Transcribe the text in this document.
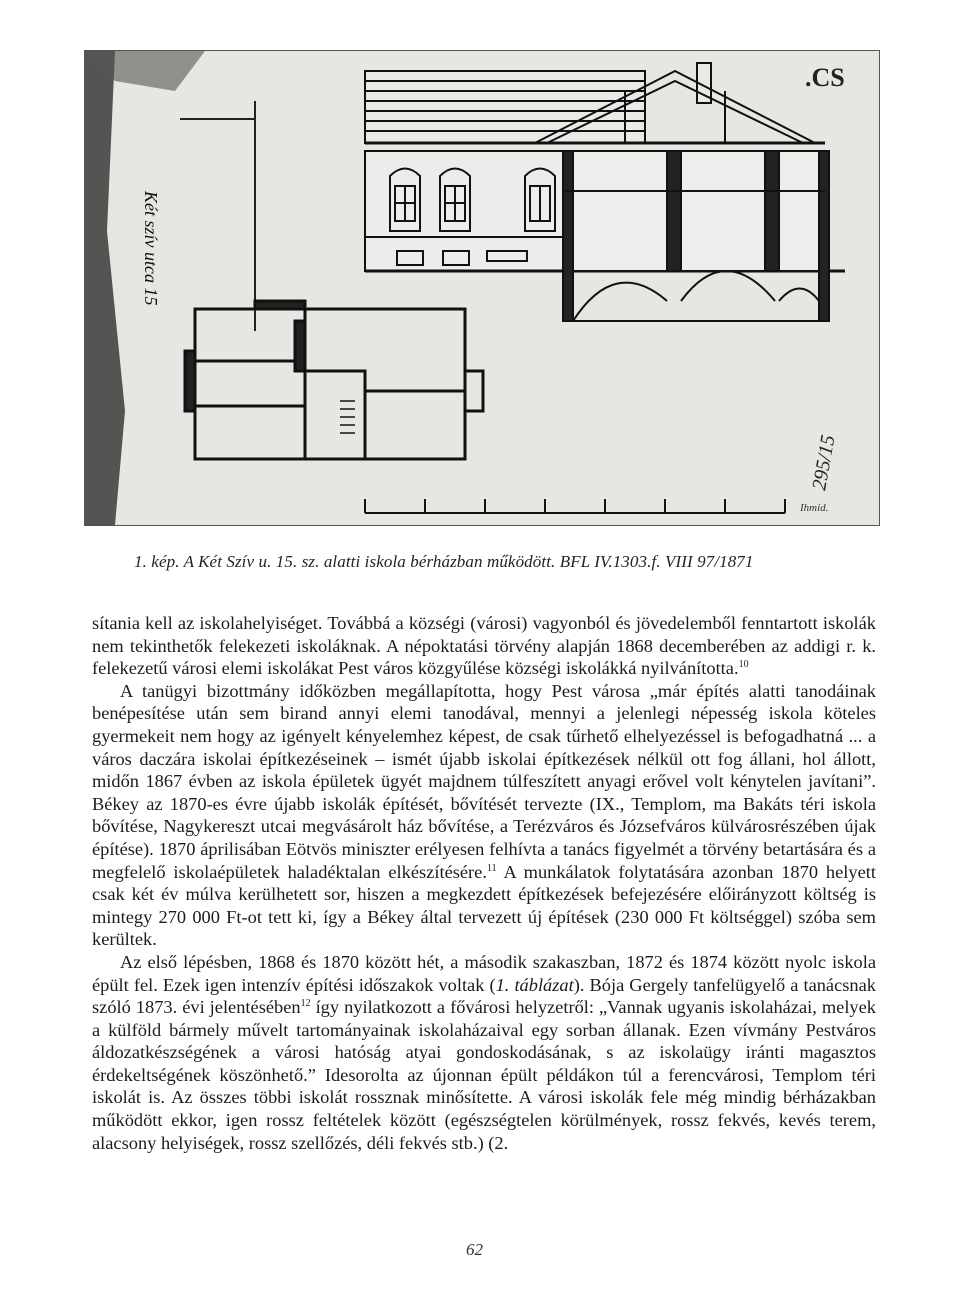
.CS
Két szív utca 15
Ihmid.
295/15
1. kép. A Két Szív u. 15. sz. alatti iskola bérházban működött. BFL IV.1303.f. VIII 97/1871

sítania kell az iskolahelyiséget. Továbbá a községi (városi) vagyonból és jövedelemből fenntartott iskolák nem tekinthetők felekezeti iskoláknak. A népoktatási törvény alapján 1868 decemberében az addigi r. k. felekezetű városi elemi iskolákat Pest város közgyűlése községi iskolákká nyilvánította.$^{10}$

A tanügyi bizottmány időközben megállapította, hogy Pest városa „már építés alatti tanodáinak benépesítése után sem birand annyi elemi tanodával, mennyi a jelenlegi népesség iskola köteles gyermekeit nem hogy az igényelt kényelemhez képest, de csak tűrhető elhelyezéssel is befogadhatná ... a város daczára iskolai építkezéseinek – ismét újabb iskolai építkezések nélkül ott fog állani, hol állott, midőn 1867 évben az iskola épületek ügyét majdnem túlfeszített anyagi erővel volt kénytelen javítani”. Békey az 1870-es évre újabb iskolák építését, bővítését tervezte (IX., Templom, ma Bakáts téri iskola bővítése, Nagykereszt utcai megvásárolt ház bővítése, a Terézváros és Józsefváros külvárosrészében újak építése). 1870 áprilisában Eötvös miniszter erélyesen felhívta a tanács figyelmét a törvény betartására és a megfelelő iskolaépületek haladéktalan elkészítésére.$^{11}$ A munkálatok folytatására azonban 1870 helyett csak két év múlva kerülhetett sor, hiszen a megkezdett építkezések befejezésére előirányzott költség is mintegy 270 000 Ft-ot tett ki, így a Békey által tervezett új építések (230 000 Ft költséggel) szóba sem kerültek.

Az első lépésben, 1868 és 1870 között hét, a második szakaszban, 1872 és 1874 között nyolc iskola épült fel. Ezek igen intenzív építési időszakok voltak (1. táblázat). Bója Gergely tanfelügyelő a tanácsnak szóló 1873. évi jelentésében$^{12}$ így nyilatkozott a fővárosi helyzetről: „Vannak ugyanis iskolaházai, melyek a külföld bármely művelt tartományainak iskolaházaival egy sorban állanak. Ezen vívmány Pestváros áldozatkészségének a városi hatóság atyai gondoskodásának, s az iskolaügy iránti magasztos érdekeltségének köszönhető.” Idesorolta az újonnan épült példákon túl a ferencvárosi, Templom téri iskolát is. Az összes többi iskolát rossznak minősítette. A városi iskolák fele még mindig bérházakban működött ekkor, igen rossz feltételek között (egészségtelen körülmények, rossz fekvés, kevés terem, alacsony helyiségek, rossz szellőzés, déli fekvés stb.) (2.

62
